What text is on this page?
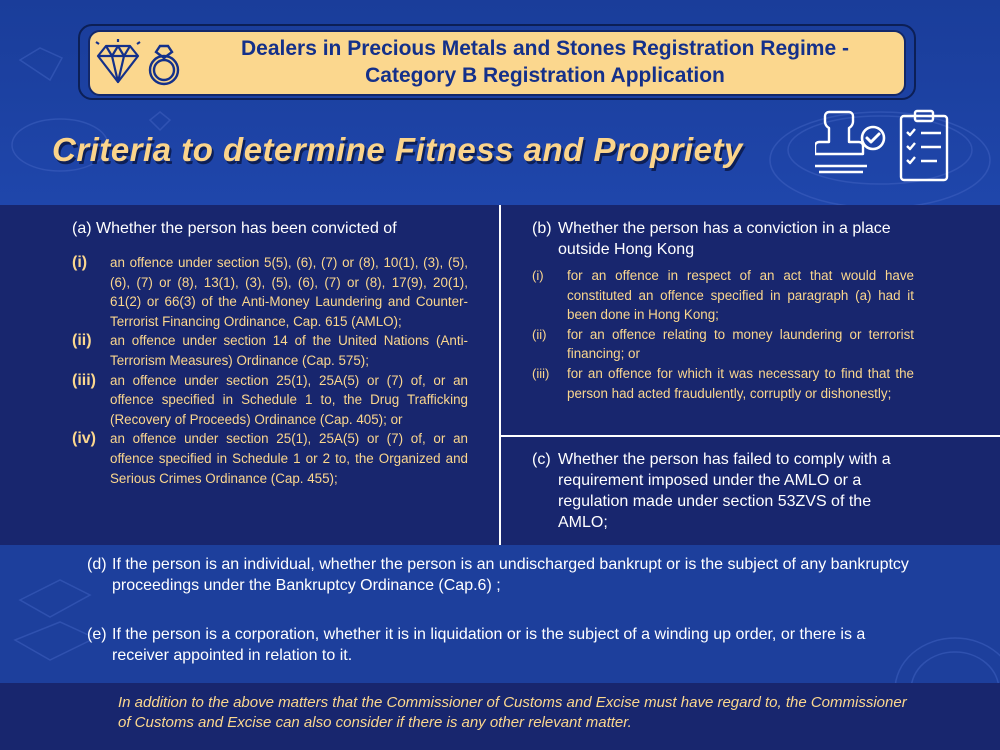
Dealers in Precious Metals and Stones Registration Regime -
Category B Registration Application
Criteria to determine Fitness and Propriety
(a) Whether the person has been convicted of
(i) an offence under section 5(5), (6), (7) or (8), 10(1), (3), (5), (6), (7) or (8), 13(1), (3), (5), (6), (7) or (8), 17(9), 20(1), 61(2) or 66(3) of the Anti-Money Laundering and Counter-Terrorist Financing Ordinance, Cap. 615 (AMLO);
(ii) an offence under section 14 of the United Nations (Anti-Terrorism Measures) Ordinance (Cap. 575);
(iii) an offence under section 25(1), 25A(5) or (7) of, or an offence specified in Schedule 1 to, the Drug Trafficking (Recovery of Proceeds) Ordinance (Cap. 405); or
(iv) an offence under section 25(1), 25A(5) or (7) of, or an offence specified in Schedule 1 or 2 to, the Organized and Serious Crimes Ordinance (Cap. 455);
(b) Whether the person has a conviction in a place outside Hong Kong
(i) for an offence in respect of an act that would have constituted an offence specified in paragraph (a) had it been done in Hong Kong;
(ii) for an offence relating to money laundering or terrorist financing; or
(iii) for an offence for which it was necessary to find that the person had acted fraudulently, corruptly or dishonestly;
(c) Whether the person has failed to comply with a requirement imposed under the AMLO or a regulation made under section 53ZVS of the AMLO;
(d) If the person is an individual, whether the person is an undischarged bankrupt or is the subject of any bankruptcy proceedings under the Bankruptcy Ordinance (Cap.6) ;
(e) If the person is a corporation, whether it is in liquidation or is the subject of a winding up order, or there is a receiver appointed in relation to it.
In addition to the above matters that the Commissioner of Customs and Excise must have regard to, the Commissioner of Customs and Excise can also consider if there is any other relevant matter.
